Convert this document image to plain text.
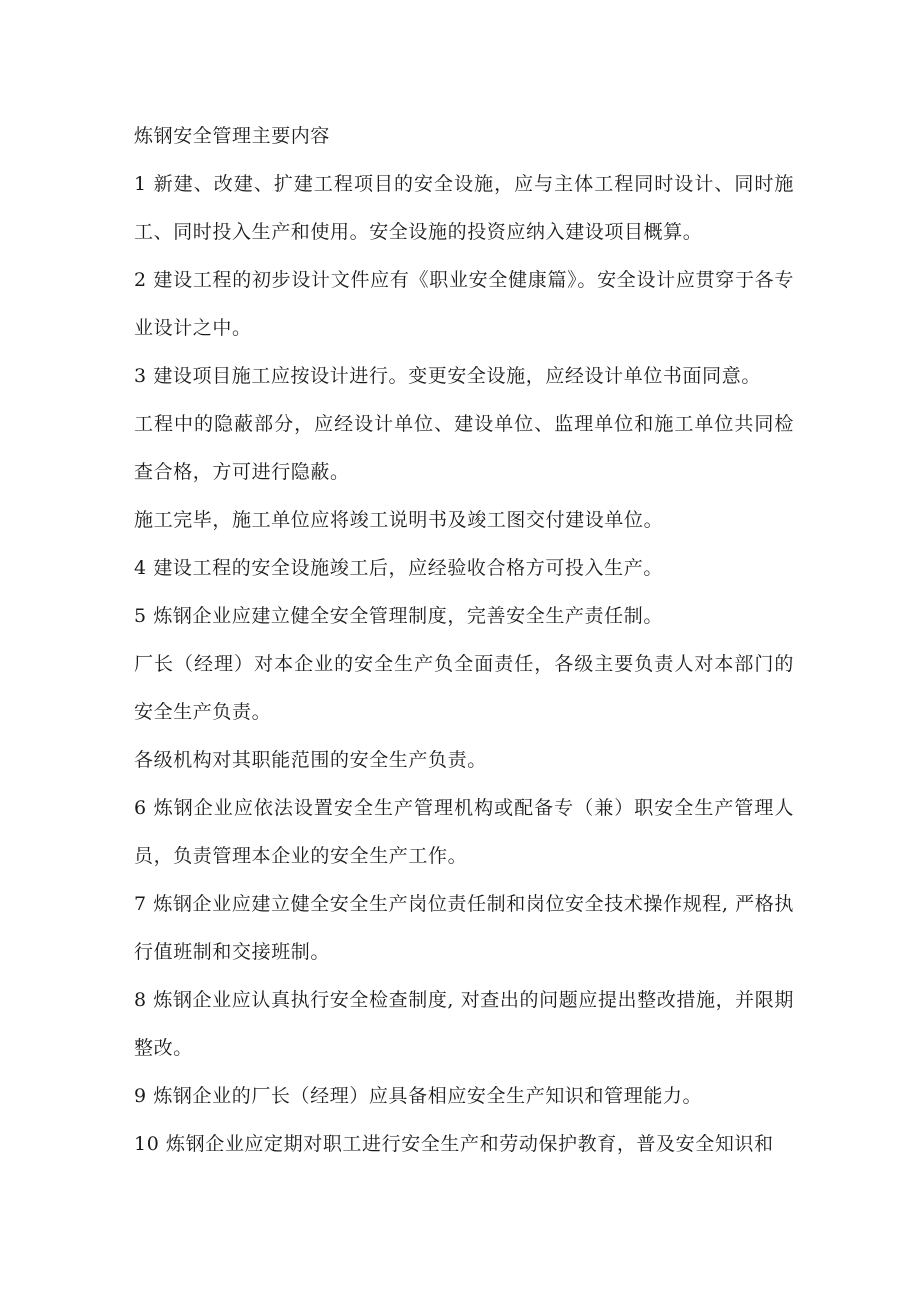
炼钢安全管理主要内容

1 新建、改建、扩建工程项目的安全设施，应与主体工程同时设计、同时施工、同时投入生产和使用。安全设施的投资应纳入建设项目概算。

2 建设工程的初步设计文件应有《职业安全健康篇》。安全设计应贯穿于各专业设计之中。

3 建设项目施工应按设计进行。变更安全设施，应经设计单位书面同意。

工程中的隐蔽部分，应经设计单位、建设单位、监理单位和施工单位共同检查合格，方可进行隐蔽。

施工完毕，施工单位应将竣工说明书及竣工图交付建设单位。

4 建设工程的安全设施竣工后，应经验收合格方可投入生产。

5 炼钢企业应建立健全安全管理制度，完善安全生产责任制。

厂长（经理）对本企业的安全生产负全面责任，各级主要负责人对本部门的安全生产负责。

各级机构对其职能范围的安全生产负责。

6 炼钢企业应依法设置安全生产管理机构或配备专（兼）职安全生产管理人员，负责管理本企业的安全生产工作。

7 炼钢企业应建立健全安全生产岗位责任制和岗位安全技术操作规程, 严格执行值班制和交接班制。

8 炼钢企业应认真执行安全检查制度, 对查出的问题应提出整改措施，并限期整改。

9 炼钢企业的厂长（经理）应具备相应安全生产知识和管理能力。

10 炼钢企业应定期对职工进行安全生产和劳动保护教育，普及安全知识和
